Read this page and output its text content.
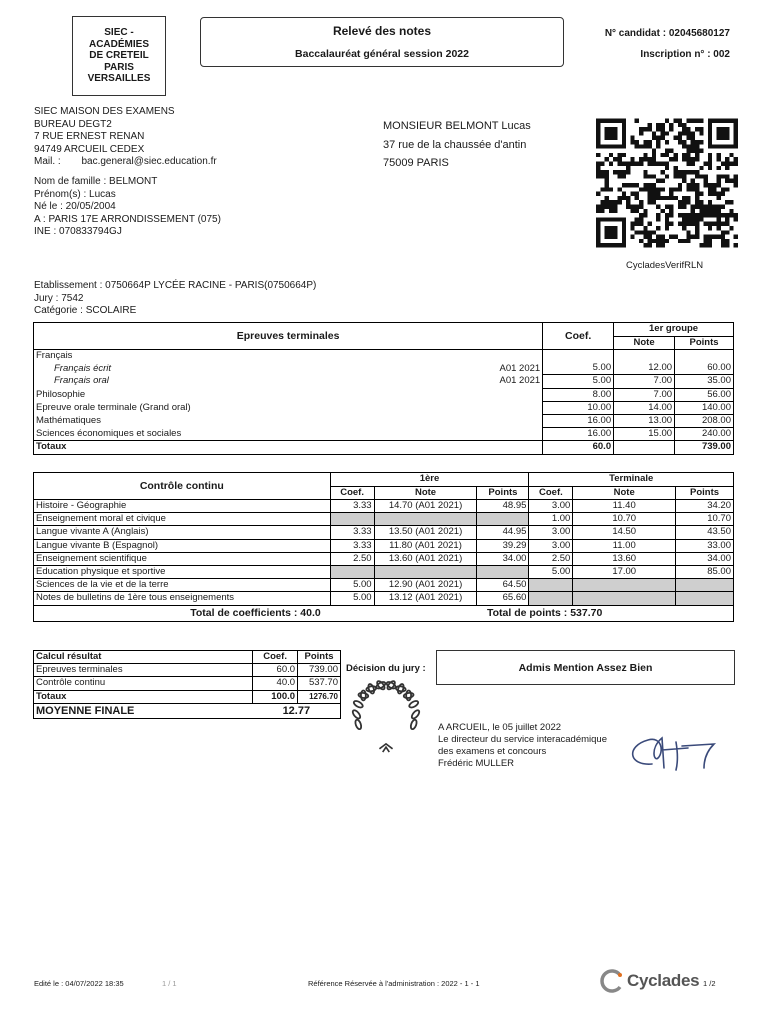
SIEC -
ACADÉMIES
DE CRETEIL
PARIS
VERSAILLES
Relevé des notes
Baccalauréat général session 2022
N° candidat : 02045680127
Inscription n° : 002
SIEC MAISON DES EXAMENS
BUREAU DEGT2
7 RUE ERNEST RENAN
94749 ARCUEIL CEDEX
Mail. : bac.general@siec.education.fr
MONSIEUR BELMONT Lucas
37 rue de la chaussée d'antin
75009 PARIS
CycladesVerifRLN
Nom de famille : BELMONT
Prénom(s) : Lucas
Né le : 20/05/2004
A : PARIS 17E ARRONDISSEMENT (075)
INE : 070833794GJ
Etablissement : 0750664P LYCÉE RACINE - PARIS(0750664P)
Jury : 7542
Catégorie : SCOLAIRE
Epreuves terminales	Coef.	1er groupe	
		Note	Points
Français

Français écrit A01 2021	5.00	12.00	60.00
Français oral A01 2021	5.00	7.00	35.00
Philosophie	8.00	7.00	56.00
Epreuve orale terminale (Grand oral)	10.00	14.00	140.00
Mathématiques	16.00	13.00	208.00
Sciences économiques et sociales	16.00	15.00	240.00
Totaux	60.0		739.00
Contrôle continu	1ère			Terminale		
	Coef.	Note	Points	Coef.	Note	Points
Histoire - Géographie	3.33	14.70 (A01 2021)	48.95	3.00	11.40	34.20
Enseignement moral et civique				1.00	10.70	10.70
Langue vivante A (Anglais)	3.33	13.50 (A01 2021)	44.95	3.00	14.50	43.50
Langue vivante B (Espagnol)	3.33	11.80 (A01 2021)	39.29	3.00	11.00	33.00
Enseignement scientifique	2.50	13.60 (A01 2021)	34.00	2.50	13.60	34.00
Education physique et sportive				5.00	17.00	85.00
Sciences de la vie et de la terre	5.00	12.90 (A01 2021)	64.50			
Notes de bulletins de 1ère tous enseignements	5.00	13.12 (A01 2021)	65.60			
Total de coefficients : 40.0			Total de points : 537.70			
Calcul résultat	Coef.	Points
Epreuves terminales	60.0	739.00
Contrôle continu	40.0	537.70
Totaux	100.0	1276.70
MOYENNE FINALE	12.77	
Décision du jury :	Admis Mention Assez Bien
A ARCUEIL, le 05 juillet 2022
Le directeur du service interacadémique
des examens et concours
Frédéric MULLER
Edité le : 04/07/2022 18:35	1 / 1	Référence Réservée à l'administration : 2022 - 1 - 1	Cyclades 1 /2
